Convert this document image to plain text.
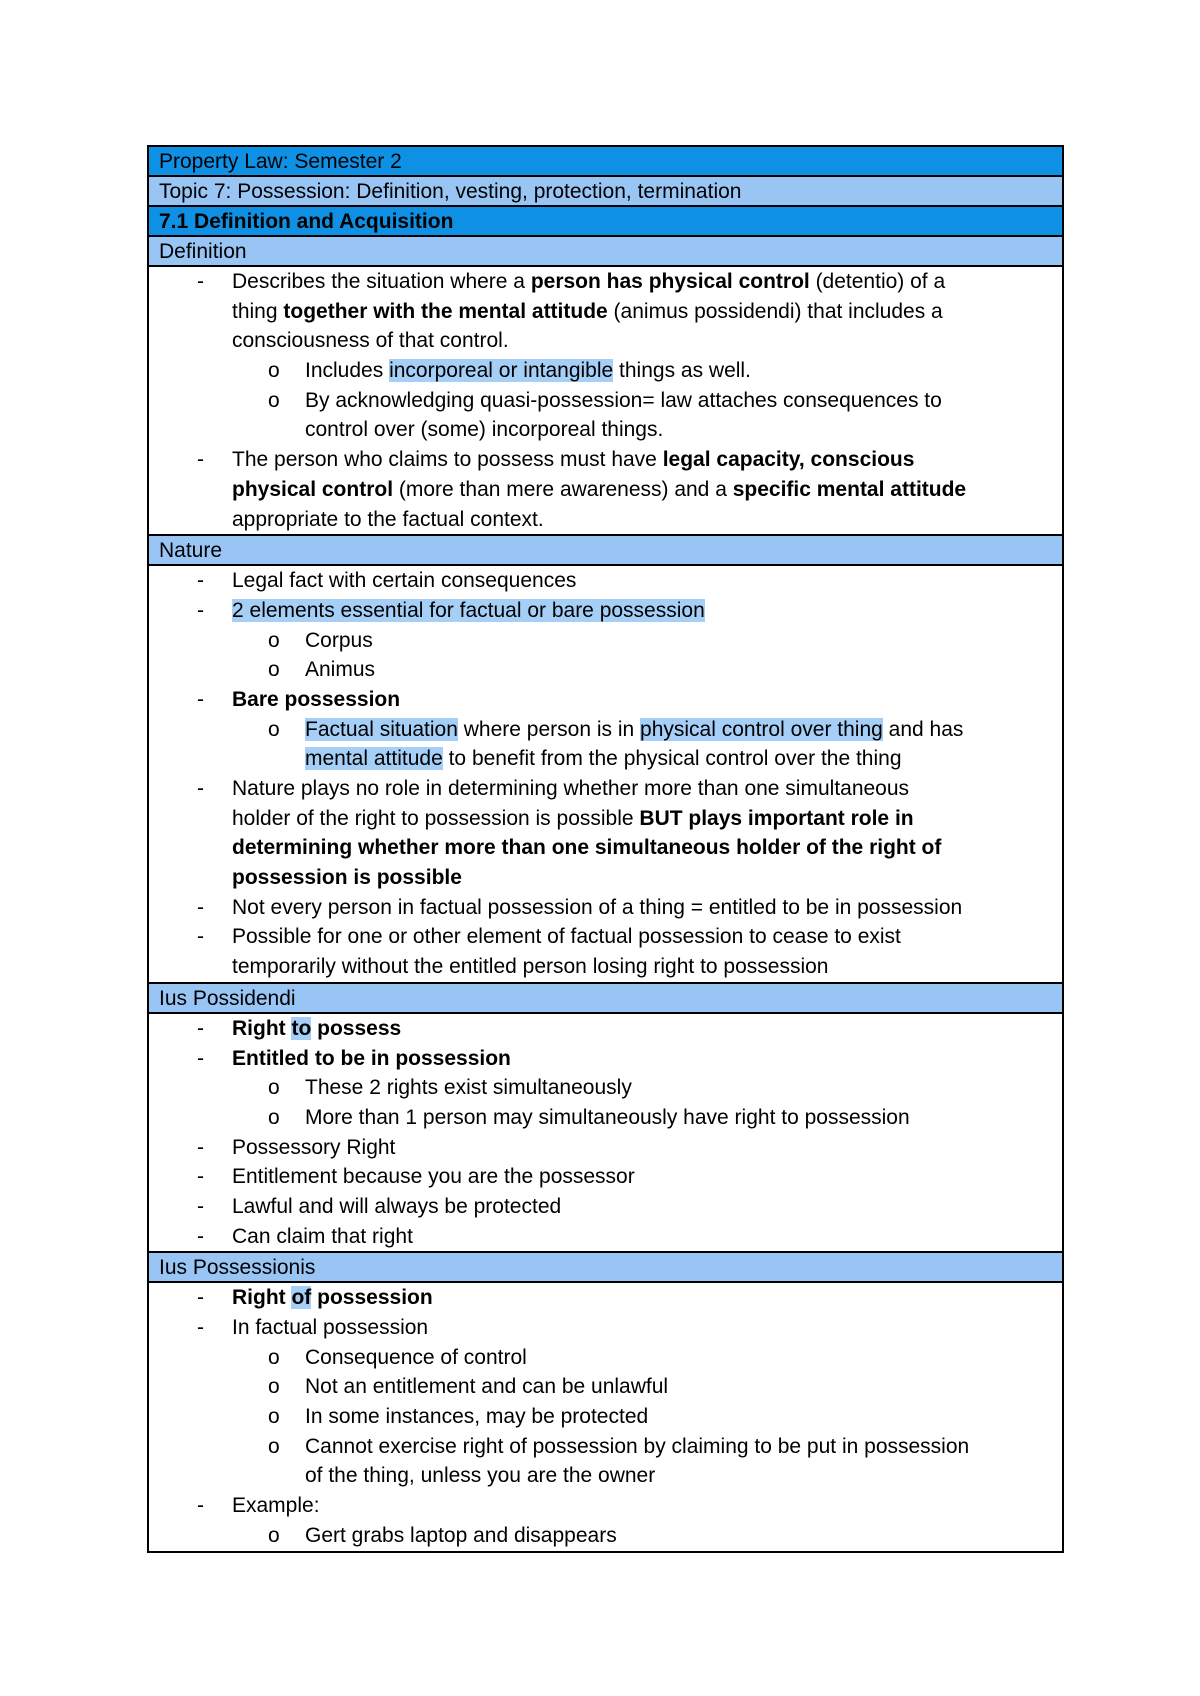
Property Law: Semester 2
Topic 7: Possession: Definition, vesting, protection, termination
7.1 Definition and Acquisition
Definition
- Describes the situation where a person has physical control (detentio) of a
thing together with the mental attitude (animus possidendi) that includes a
consciousness of that control.
o Includes incorporeal or intangible things as well.
o By acknowledging quasi-possession= law attaches consequences to
control over (some) incorporeal things.
- The person who claims to possess must have legal capacity, conscious
physical control (more than mere awareness) and a specific mental attitude
appropriate to the factual context.
Nature
- Legal fact with certain consequences
- 2 elements essential for factual or bare possession
o Corpus
o Animus
- Bare possession
o Factual situation where person is in physical control over thing and has
mental attitude to benefit from the physical control over the thing
- Nature plays no role in determining whether more than one simultaneous
holder of the right to possession is possible BUT plays important role in
determining whether more than one simultaneous holder of the right of
possession is possible
- Not every person in factual possession of a thing = entitled to be in possession
- Possible for one or other element of factual possession to cease to exist
temporarily without the entitled person losing right to possession
Ius Possidendi
- Right to possess
- Entitled to be in possession
o These 2 rights exist simultaneously
o More than 1 person may simultaneously have right to possession
- Possessory Right
- Entitlement because you are the possessor
- Lawful and will always be protected
- Can claim that right
Ius Possessionis
- Right of possession
- In factual possession
o Consequence of control
o Not an entitlement and can be unlawful
o In some instances, may be protected
o Cannot exercise right of possession by claiming to be put in possession
of the thing, unless you are the owner
- Example:
o Gert grabs laptop and disappears
